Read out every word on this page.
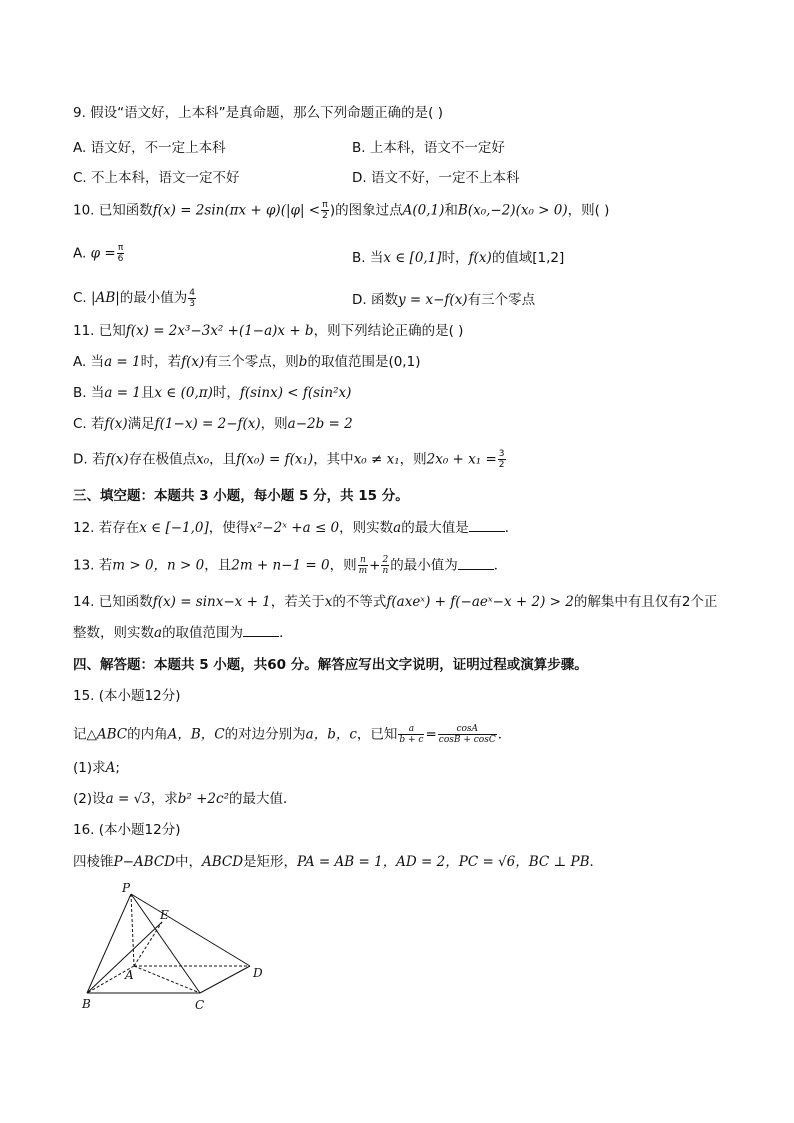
9. 假设“语文好，上本科”是真命题，那么下列命题正确的是( )
A. 语文好，不一定上本科	B. 上本科，语文不一定好
C. 不上本科，语文一定不好	D. 语文不好，一定不上本科
10. 已知函数$f(x) = 2\sin(\pi x + \varphi)(|\varphi| < \frac{\pi}{2}$ )的图象过点A(0,1)和B(x₀,−2)(x₀ > 0)，则( )
A. $\varphi = \frac{\pi}{6}$	B. 当x ∈ [0,1]时，f(x)的值域[1,2]
C. |AB|的最小值为 $\frac{4}{3}$	D. 函数y = x−f(x)有三个零点
11. 已知f(x) = 2x³−3x² +(1−a)x + b，则下列结论正确的是( )
A. 当a = 1时，若f(x)有三个零点，则b的取值范围是(0,1)
B. 当a = 1且x ∈ (0,π)时，f(sinx) < f(sin²x)
C. 若f(x)满足f(1−x) = 2−f(x)，则a−2b = 2
D. 若f(x)存在极值点x₀，且f(x₀) = f(x₁)，其中x₀ ≠ x₁，则$2x_0 + x_1 = \frac{3}{2}$
三、填空题：本题共 3 小题，每小题 5 分，共 15 分。
12. 若存在x ∈ [−1,0]，使得x²−2ˣ +a ≤ 0，则实数a的最大值是	．
13. 若m > 0，n > 0，且2m + n−1 = 0，则 $\frac{n}{m} + \frac{2}{n}$ 的最小值为	．
14. 已知函数f(x) = sinx−x + 1，若关于x的不等式f(axeˣ) + f(−aeˣ−x + 2) > 2的解集中有且仅有2个正
整数，则实数a的取值范围为	．
四、解答题：本题共 5 小题，共60 分。解答应写出文字说明，证明过程或演算步骤。
15. (本小题12分)
记△ABC的内角A，B，C的对边分别为a，b，c，已知 $\frac{a}{b + c} = \frac{\cos A}{\cos B + \cos C}$ ．
(1)求A;
(2)设a = √3，求b² +2c²的最大值．
16. (本小题12分)
四棱锥P−ABCD中，ABCD是矩形，PA = AB = 1，AD = 2，PC = √6，BC ⊥ PB．
P
E
A	D
B	C
